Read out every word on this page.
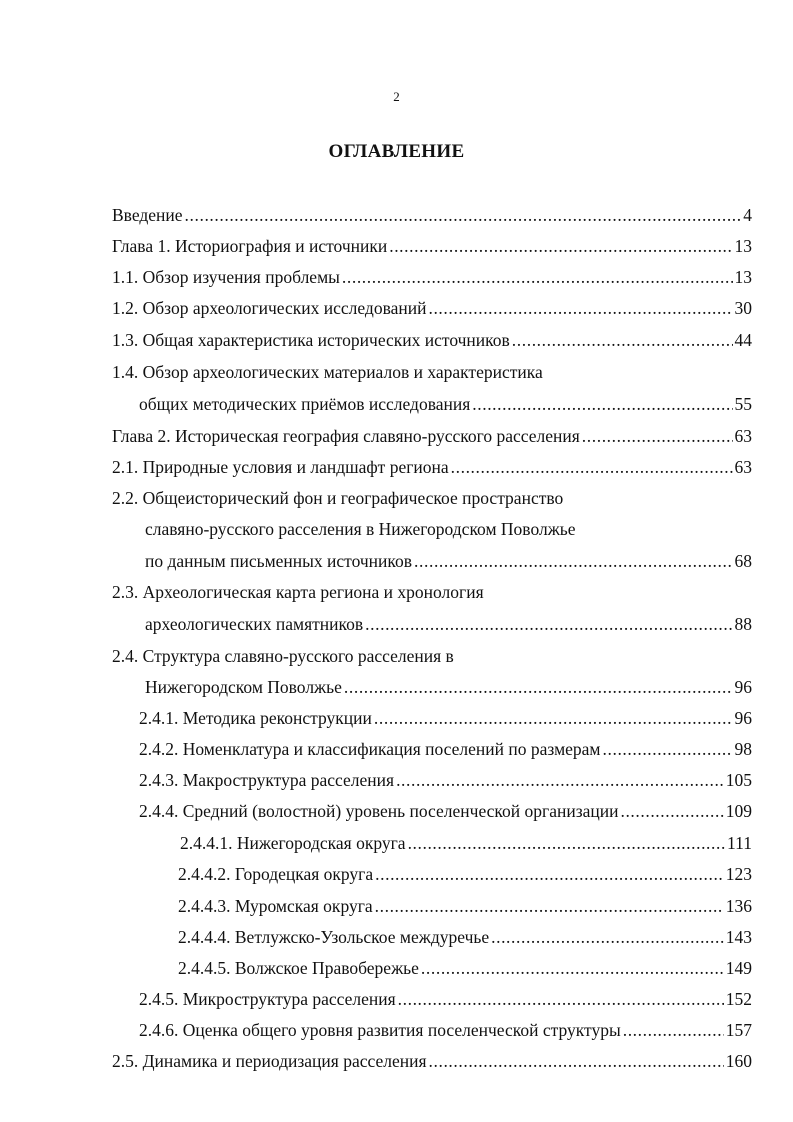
2
ОГЛАВЛЕНИЕ
Введение .....	4
Глава 1. Историография и источники .....	13
1.1. Обзор изучения проблемы .....	13
1.2. Обзор археологических исследований .....	30
1.3. Общая характеристика исторических источников .....	44
1.4. Обзор археологических материалов и характеристика
общих методических приёмов исследования .....	55
Глава 2. Историческая география славяно-русского расселения .....	63
2.1. Природные условия и ландшафт региона .....	63
2.2. Общеисторический фон и географическое пространство
славяно-русского расселения в Нижегородском Поволжье
по данным письменных источников .....	68
2.3. Археологическая карта региона и хронология
археологических памятников .....	88
2.4. Структура славяно-русского расселения в
Нижегородском Поволжье .....	96
2.4.1. Методика реконструкции .....	96
2.4.2. Номенклатура и классификация поселений по размерам .....	98
2.4.3. Макроструктура расселения .....	105
2.4.4. Средний (волостной) уровень поселенческой организации .....	109
2.4.4.1. Нижегородская округа .....	111
2.4.4.2. Городецкая округа .....	123
2.4.4.3. Муромская округа .....	136
2.4.4.4. Ветлужско-Узольское междуречье .....	143
2.4.4.5. Волжское Правобережье .....	149
2.4.5. Микроструктура расселения .....	152
2.4.6. Оценка общего уровня развития поселенческой структуры .....	157
2.5. Динамика и периодизация расселения .....	160
